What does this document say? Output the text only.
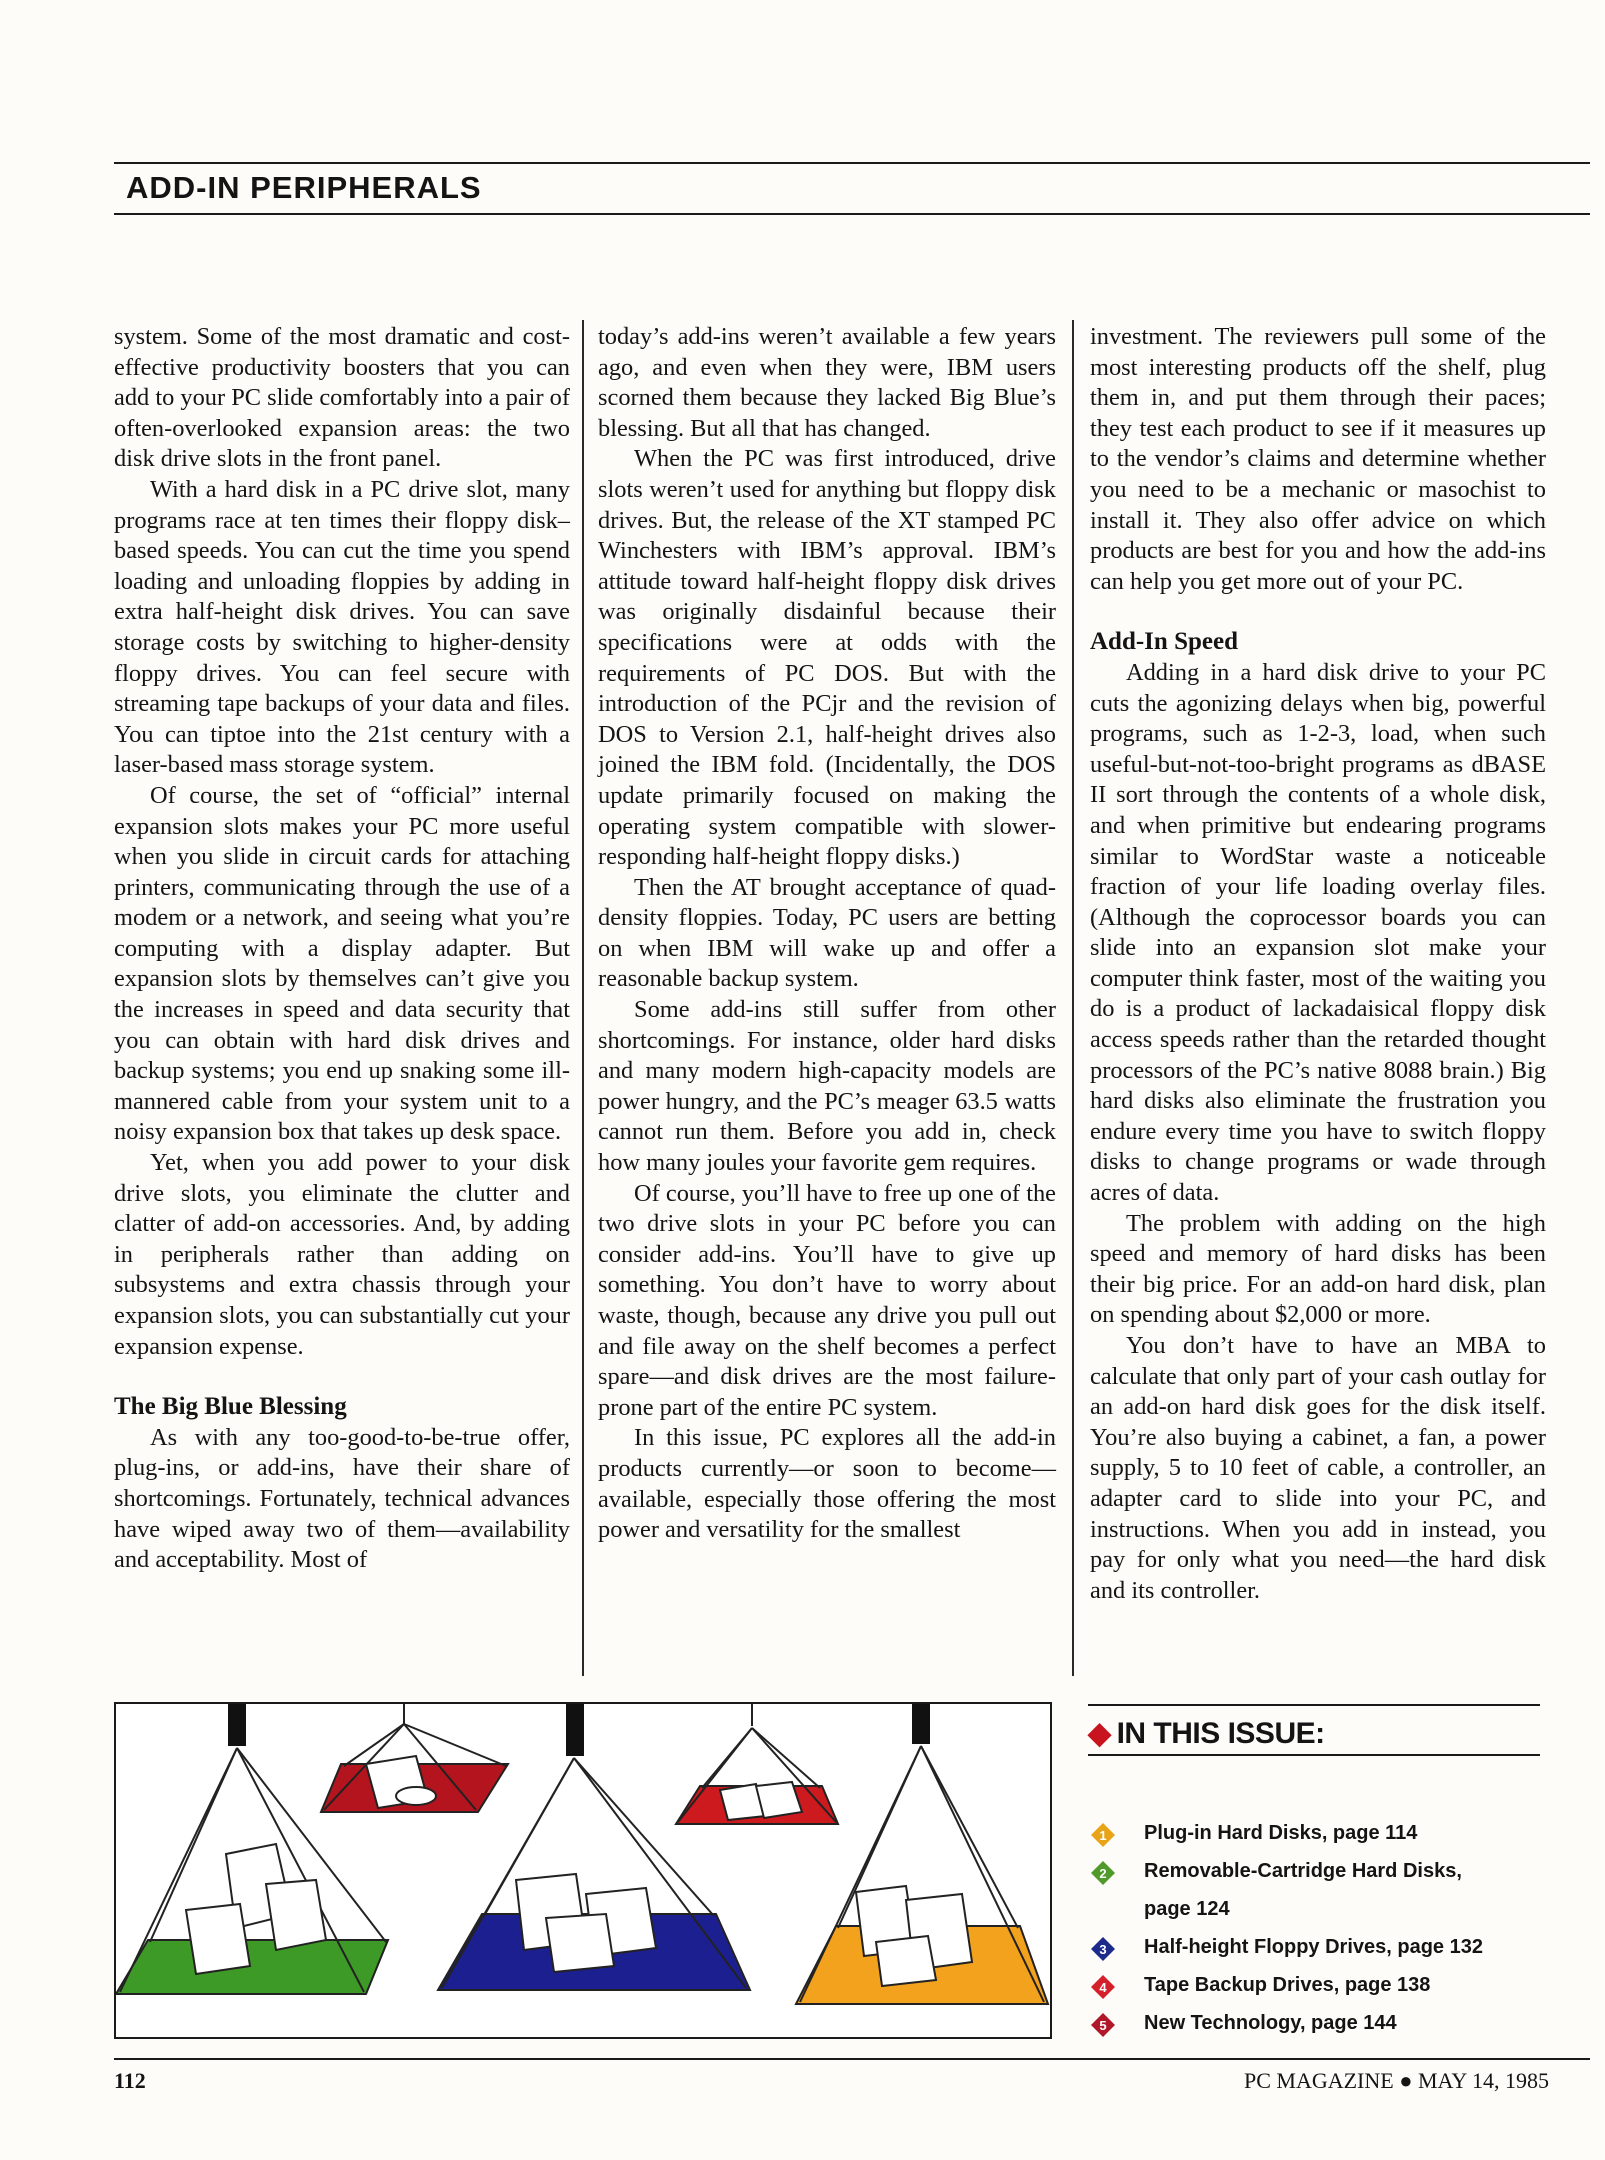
ADD-IN PERIPHERALS

system. Some of the most dramatic and cost-effective productivity boosters that you can add to your PC slide comfortably into a pair of often-overlooked expansion areas: the two disk drive slots in the front panel.

With a hard disk in a PC drive slot, many programs race at ten times their floppy disk–based speeds. You can cut the time you spend loading and unloading floppies by adding in extra half-height disk drives. You can save storage costs by switching to higher-density floppy drives. You can feel secure with streaming tape backups of your data and files. You can tiptoe into the 21st century with a laser-based mass storage system.

Of course, the set of “official” internal expansion slots makes your PC more useful when you slide in circuit cards for attaching printers, communicating through the use of a modem or a network, and seeing what you’re computing with a display adapter. But expansion slots by themselves can’t give you the increases in speed and data security that you can obtain with hard disk drives and backup systems; you end up snaking some ill-mannered cable from your system unit to a noisy expansion box that takes up desk space.

Yet, when you add power to your disk drive slots, you eliminate the clutter and clatter of add-on accessories. And, by adding in peripherals rather than adding on subsystems and extra chassis through your expansion slots, you can substantially cut your expansion expense.

The Big Blue Blessing

As with any too-good-to-be-true offer, plug-ins, or add-ins, have their share of shortcomings. Fortunately, technical advances have wiped away two of them—availability and acceptability. Most of

today’s add-ins weren’t available a few years ago, and even when they were, IBM users scorned them because they lacked Big Blue’s blessing. But all that has changed.

When the PC was first introduced, drive slots weren’t used for anything but floppy disk drives. But, the release of the XT stamped PC Winchesters with IBM’s approval. IBM’s attitude toward half-height floppy disk drives was originally disdainful because their specifications were at odds with the requirements of PC DOS. But with the introduction of the PCjr and the revision of DOS to Version 2.1, half-height drives also joined the IBM fold. (Incidentally, the DOS update primarily focused on making the operating system compatible with slower-responding half-height floppy disks.)

Then the AT brought acceptance of quad-density floppies. Today, PC users are betting on when IBM will wake up and offer a reasonable backup system.

Some add-ins still suffer from other shortcomings. For instance, older hard disks and many modern high-capacity models are power hungry, and the PC’s meager 63.5 watts cannot run them. Before you add in, check how many joules your favorite gem requires.

Of course, you’ll have to free up one of the two drive slots in your PC before you can consider add-ins. You’ll have to give up something. You don’t have to worry about waste, though, because any drive you pull out and file away on the shelf becomes a perfect spare—and disk drives are the most failure-prone part of the entire PC system.

In this issue, PC explores all the add-in products currently—or soon to become—available, especially those offering the most power and versatility for the smallest

investment. The reviewers pull some of the most interesting products off the shelf, plug them in, and put them through their paces; they test each product to see if it measures up to the vendor’s claims and determine whether you need to be a mechanic or masochist to install it. They also offer advice on which products are best for you and how the add-ins can help you get more out of your PC.

Add-In Speed

Adding in a hard disk drive to your PC cuts the agonizing delays when big, powerful programs, such as 1-2-3, load, when such useful-but-not-too-bright programs as dBASE II sort through the contents of a whole disk, and when primitive but endearing programs similar to WordStar waste a noticeable fraction of your life loading overlay files. (Although the coprocessor boards you can slide into an expansion slot make your computer think faster, most of the waiting you do is a product of lackadaisical floppy disk access speeds rather than the retarded thought processors of the PC’s native 8088 brain.) Big hard disks also eliminate the frustration you endure every time you have to switch floppy disks to change programs or wade through acres of data.

The problem with adding on the high speed and memory of hard disks has been their big price. For an add-on hard disk, plan on spending about $2,000 or more.

You don’t have to have an MBA to calculate that only part of your cash outlay for an add-on hard disk goes for the disk itself. You’re also buying a cabinet, a fan, a power supply, 5 to 10 feet of cable, a controller, an adapter card to slide into your PC, and instructions. When you add in instead, you pay for only what you need—the hard disk and its controller.

◆ IN THIS ISSUE:
1 Plug-in Hard Disks, page 114
2 Removable-Cartridge Hard Disks,
page 124
3 Half-height Floppy Drives, page 132
4 Tape Backup Drives, page 138
5 New Technology, page 144
112	PC MAGAZINE ● MAY 14, 1985
